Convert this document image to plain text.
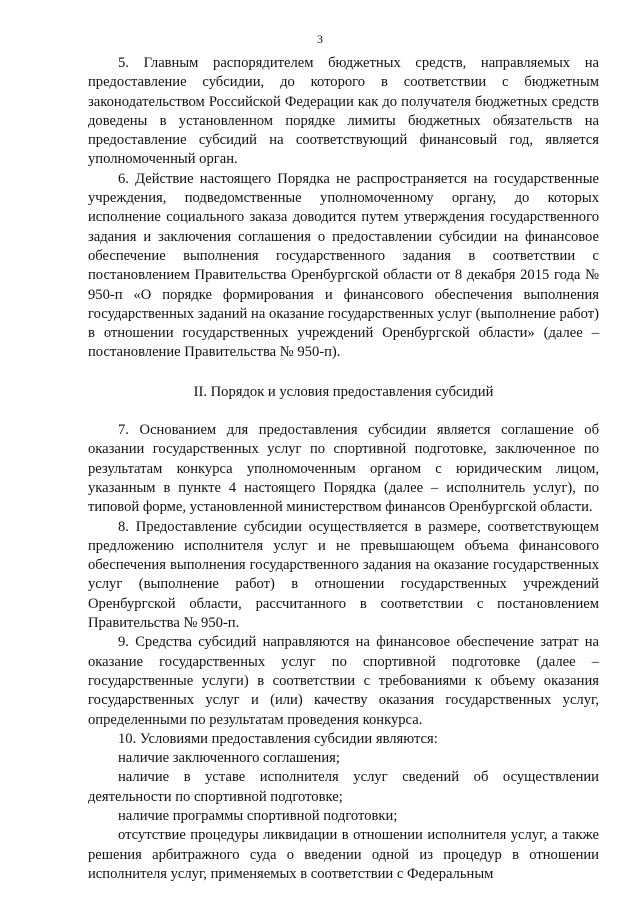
3

5. Главным распорядителем бюджетных средств, направляемых на предоставление субсидии, до которого в соответствии с бюджетным законодательством Российской Федерации как до получателя бюджетных средств доведены в установленном порядке лимиты бюджетных обязательств на предоставление субсидий на соответствующий финансовый год, является уполномоченный орган.

6. Действие настоящего Порядка не распространяется на государственные учреждения, подведомственные уполномоченному органу, до которых исполнение социального заказа доводится путем утверждения государственного задания и заключения соглашения о предоставлении субсидии на финансовое обеспечение выполнения государственного задания в соответствии с постановлением Правительства Оренбургской области от 8 декабря 2015 года № 950-п «О порядке формирования и финансового обеспечения выполнения государственных заданий на оказание государственных услуг (выполнение работ) в отношении государственных учреждений Оренбургской области» (далее – постановление Правительства № 950-п).

II. Порядок и условия предоставления субсидий

7. Основанием для предоставления субсидии является соглашение об оказании государственных услуг по спортивной подготовке, заключенное по результатам конкурса уполномоченным органом с юридическим лицом, указанным в пункте 4 настоящего Порядка (далее – исполнитель услуг), по типовой форме, установленной министерством финансов Оренбургской области.

8. Предоставление субсидии осуществляется в размере, соответствующем предложению исполнителя услуг и не превышающем объема финансового обеспечения выполнения государственного задания на оказание государственных услуг (выполнение работ) в отношении государственных учреждений Оренбургской области, рассчитанного в соответствии с постановлением Правительства № 950-п.

9. Средства субсидий направляются на финансовое обеспечение затрат на оказание государственных услуг по спортивной подготовке (далее – государственные услуги) в соответствии с требованиями к объему оказания государственных услуг и (или) качеству оказания государственных услуг, определенными по результатам проведения конкурса.

10. Условиями предоставления субсидии являются:

наличие заключенного соглашения;

наличие в уставе исполнителя услуг сведений об осуществлении деятельности по спортивной подготовке;

наличие программы спортивной подготовки;

отсутствие процедуры ликвидации в отношении исполнителя услуг, а также решения арбитражного суда о введении одной из процедур в отношении исполнителя услуг, применяемых в соответствии с Федеральным
